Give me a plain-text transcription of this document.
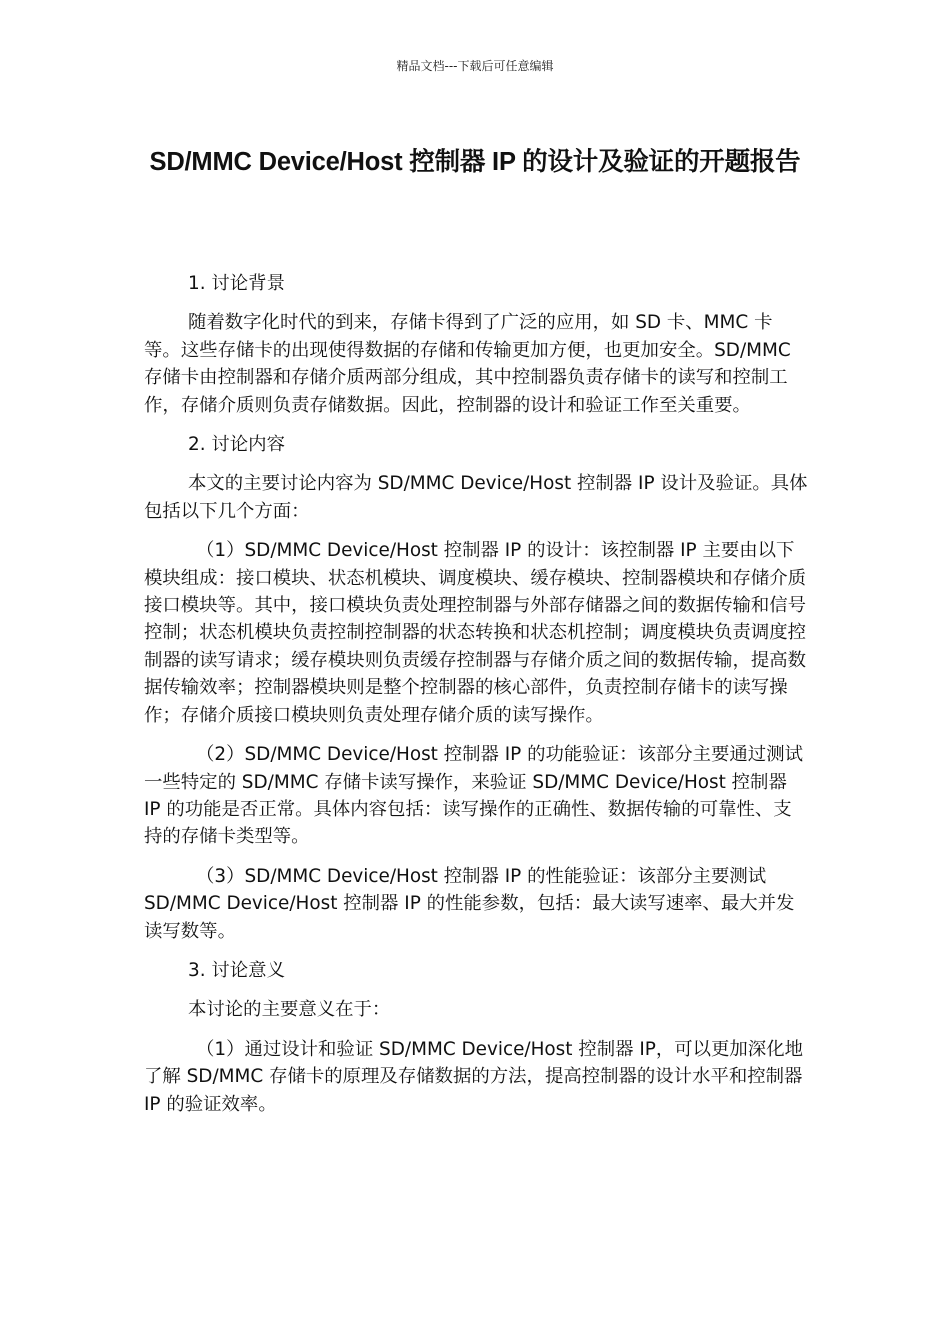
精品文档---下载后可任意编辑
SD/MMC Device/Host 控制器 IP 的设计及验证的开题报告

1. 讨论背景

随着数字化时代的到来，存储卡得到了广泛的应用，如 SD 卡、MMC 卡等。这些存储卡的出现使得数据的存储和传输更加方便，也更加安全。SD/MMC 存储卡由控制器和存储介质两部分组成，其中控制器负责存储卡的读写和控制工作，存储介质则负责存储数据。因此，控制器的设计和验证工作至关重要。

2. 讨论内容

本文的主要讨论内容为 SD/MMC Device/Host 控制器 IP 设计及验证。具体包括以下几个方面：

（1）SD/MMC Device/Host 控制器 IP 的设计：该控制器 IP 主要由以下模块组成：接口模块、状态机模块、调度模块、缓存模块、控制器模块和存储介质接口模块等。其中，接口模块负责处理控制器与外部存储器之间的数据传输和信号控制；状态机模块负责控制控制器的状态转换和状态机控制；调度模块负责调度控制器的读写请求；缓存模块则负责缓存控制器与存储介质之间的数据传输，提高数据传输效率；控制器模块则是整个控制器的核心部件，负责控制存储卡的读写操作；存储介质接口模块则负责处理存储介质的读写操作。

（2）SD/MMC Device/Host 控制器 IP 的功能验证：该部分主要通过测试一些特定的 SD/MMC 存储卡读写操作，来验证 SD/MMC Device/Host 控制器 IP 的功能是否正常。具体内容包括：读写操作的正确性、数据传输的可靠性、支持的存储卡类型等。

（3）SD/MMC Device/Host 控制器 IP 的性能验证：该部分主要测试 SD/MMC Device/Host 控制器 IP 的性能参数，包括：最大读写速率、最大并发读写数等。

3. 讨论意义

本讨论的主要意义在于：

（1）通过设计和验证 SD/MMC Device/Host 控制器 IP，可以更加深化地了解 SD/MMC 存储卡的原理及存储数据的方法，提高控制器的设计水平和控制器 IP 的验证效率。
